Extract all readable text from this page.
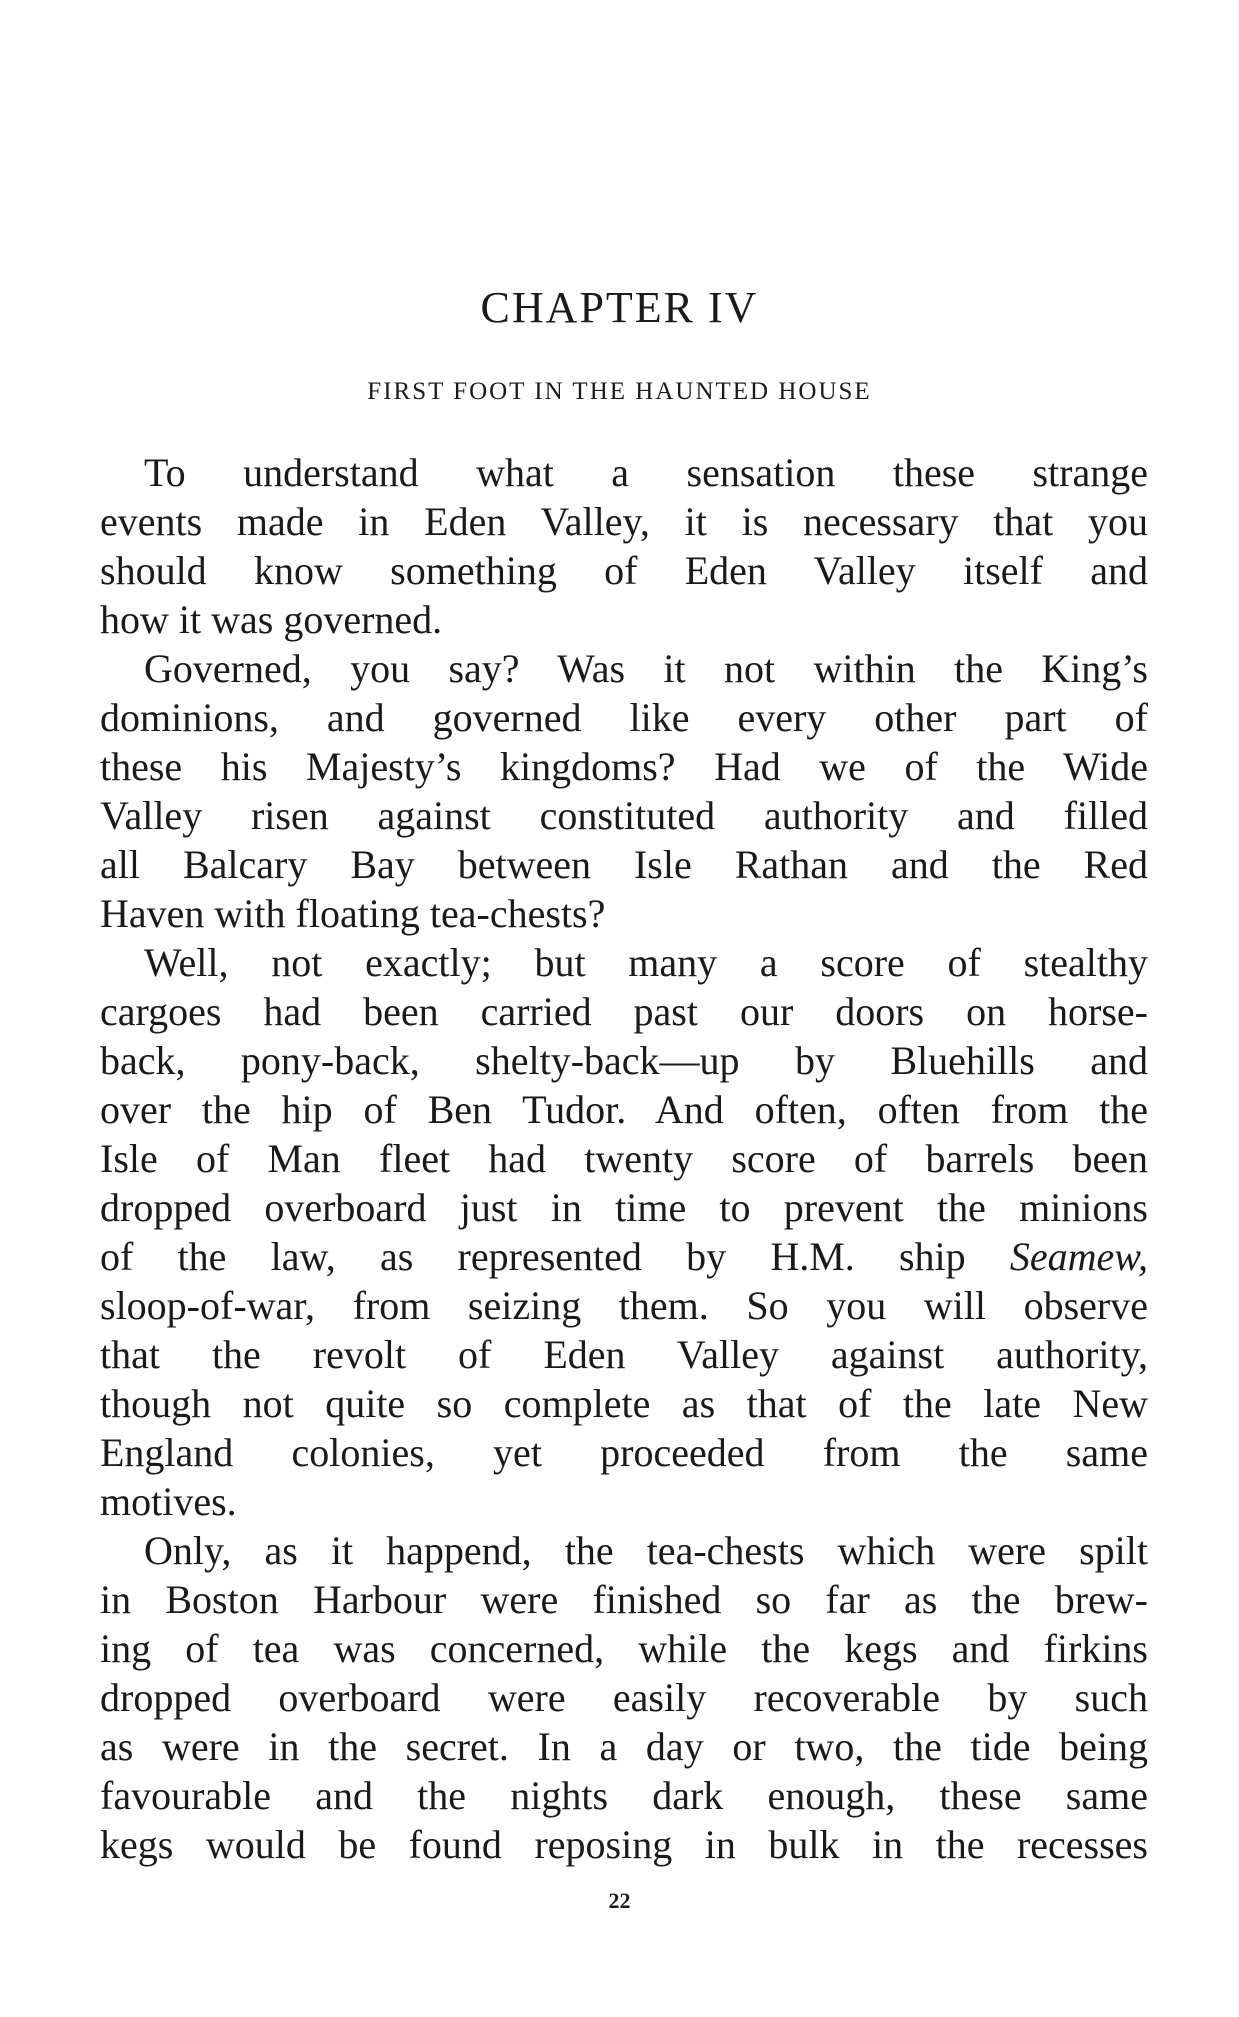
CHAPTER IV
FIRST FOOT IN THE HAUNTED HOUSE
To understand what a sensation these strange
events made in Eden Valley, it is necessary that you
should know something of Eden Valley itself and
how it was governed.
Governed, you say? Was it not within the King’s
dominions, and governed like every other part of
these his Majesty’s kingdoms? Had we of the Wide
Valley risen against constituted authority and filled
all Balcary Bay between Isle Rathan and the Red
Haven with floating tea-chests?
Well, not exactly; but many a score of stealthy
cargoes had been carried past our doors on horse-
back, pony-back, shelty-back—up by Bluehills and
over the hip of Ben Tudor. And often, often from the
Isle of Man fleet had twenty score of barrels been
dropped overboard just in time to prevent the minions
of the law, as represented by H.M. ship Seamew,
sloop-of-war, from seizing them. So you will observe
that the revolt of Eden Valley against authority,
though not quite so complete as that of the late New
England colonies, yet proceeded from the same
motives.
Only, as it happend, the tea-chests which were spilt
in Boston Harbour were finished so far as the brew-
ing of tea was concerned, while the kegs and firkins
dropped overboard were easily recoverable by such
as were in the secret. In a day or two, the tide being
favourable and the nights dark enough, these same
kegs would be found reposing in bulk in the recesses
22
